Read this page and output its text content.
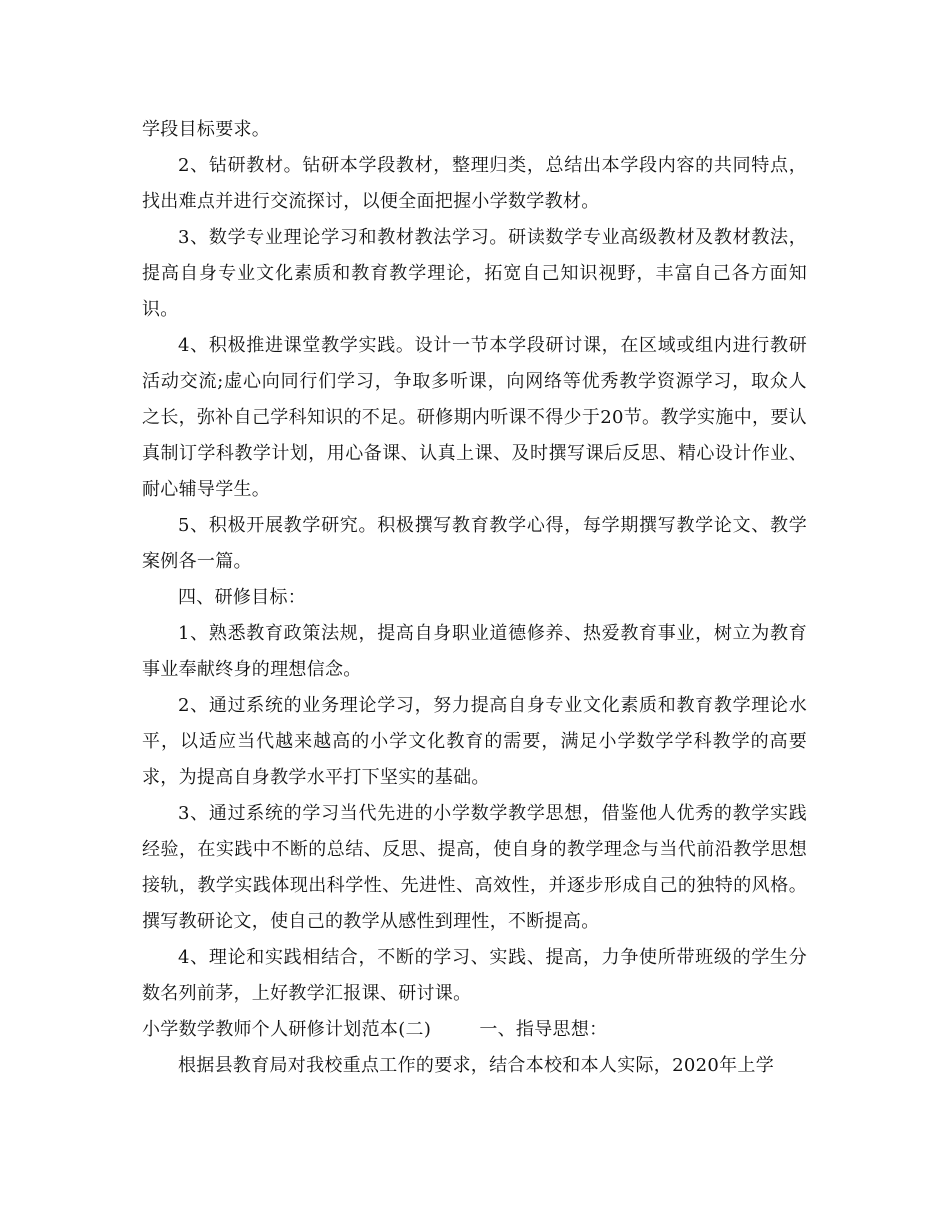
学段目标要求。

2、钻研教材。钻研本学段教材，整理归类，总结出本学段内容的共同特点，找出难点并进行交流探讨，以便全面把握小学数学教材。

3、数学专业理论学习和教材教法学习。研读数学专业高级教材及教材教法，提高自身专业文化素质和教育教学理论，拓宽自己知识视野，丰富自己各方面知识。

4、积极推进课堂教学实践。设计一节本学段研讨课，在区域或组内进行教研活动交流;虚心向同行们学习，争取多听课，向网络等优秀教学资源学习，取众人之长，弥补自己学科知识的不足。研修期内听课不得少于20节。教学实施中，要认真制订学科教学计划，用心备课、认真上课、及时撰写课后反思、精心设计作业、耐心辅导学生。

5、积极开展教学研究。积极撰写教育教学心得，每学期撰写教学论文、教学案例各一篇。

四、研修目标：

1、熟悉教育政策法规，提高自身职业道德修养、热爱教育事业，树立为教育事业奉献终身的理想信念。

2、通过系统的业务理论学习，努力提高自身专业文化素质和教育教学理论水平，以适应当代越来越高的小学文化教育的需要，满足小学数学学科教学的高要求，为提高自身教学水平打下坚实的基础。

3、通过系统的学习当代先进的小学数学教学思想，借鉴他人优秀的教学实践经验，在实践中不断的总结、反思、提高，使自身的教学理念与当代前沿教学思想接轨，教学实践体现出科学性、先进性、高效性，并逐步形成自己的独特的风格。撰写教研论文，使自己的教学从感性到理性，不断提高。

4、理论和实践相结合，不断的学习、实践、提高，力争使所带班级的学生分数名列前茅，上好教学汇报课、研讨课。

小学数学教师个人研修计划范本(二)        一、指导思想：

根据县教育局对我校重点工作的要求，结合本校和本人实际，2020年上学
